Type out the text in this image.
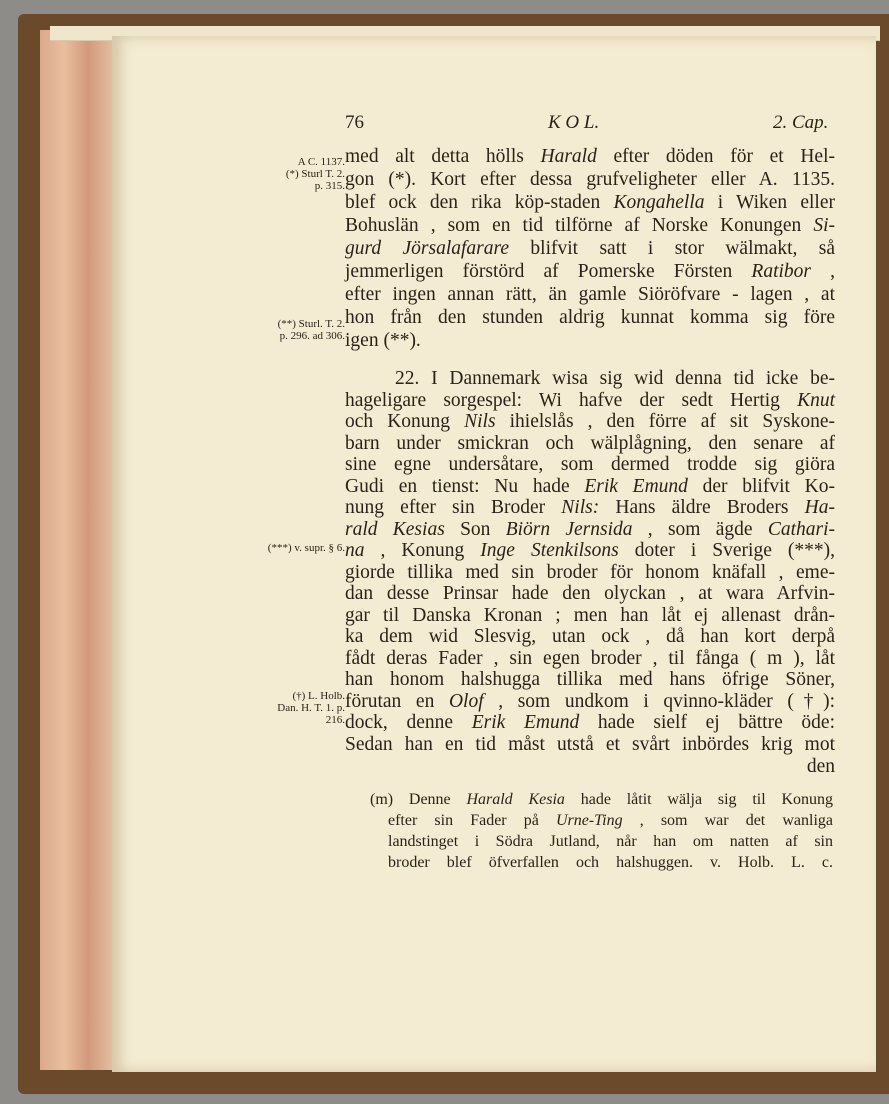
76	K O L.	2. Cap.
A C. 1137.
(*) Sturl T. 2.
p. 315.
(**) Sturl. T. 2.
p. 296. ad 306.
(***) v. supr. § 6.
(†) L. Holb.
Dan. H. T. 1. p.
216.
med alt detta hölls Harald efter döden för et Hel-
gon (*). Kort efter dessa grufveligheter eller A. 1135.
blef ock den rika köp-staden Kongahella i Wiken eller
Bohuslän , som en tid tilförne af Norske Konungen Si-
gurd Jörsalafarare blifvit satt i stor wälmakt, så
jemmerligen förstörd af Pomerske Försten Ratibor ,
efter ingen annan rätt, än gamle Siöröfvare - lagen , at
hon från den stunden aldrig kunnat komma sig före
igen (**).
22. I Dannemark wisa sig wid denna tid icke be-
hageligare sorgespel: Wi hafve der sedt Hertig Knut
och Konung Nils ihielslås , den förre af sit Syskone-
barn under smickran och wälplågning, den senare af
sine egne undersåtare, som dermed trodde sig giöra
Gudi en tienst: Nu hade Erik Emund der blifvit Ko-
nung efter sin Broder Nils: Hans äldre Broders Ha-
rald Kesias Son Biörn Jernsida , som ägde Cathari-
na , Konung Inge Stenkilsons doter i Sverige (***),
giorde tillika med sin broder för honom knäfall , eme-
dan desse Prinsar hade den olyckan , at wara Arfvin-
gar til Danska Kronan ; men han låt ej allenast drån-
ka dem wid Slesvig, utan ock , då han kort derpå
fådt deras Fader , sin egen broder , til fånga ( m ), låt
han honom halshugga tillika med hans öfrige Söner,
förutan en Olof , som undkom i qvinno-kläder (†):
dock, denne Erik Emund hade sielf ej bättre öde:
Sedan han en tid måst utstå et svårt inbördes krig mot
den
(m) Denne Harald Kesia hade låtit wälja sig til Konung
efter sin Fader på Urne-Ting , som war det wanliga
landstinget i Södra Jutland, når han om natten af sin
broder blef öfverfallen och halshuggen. v. Holb. L. c.
